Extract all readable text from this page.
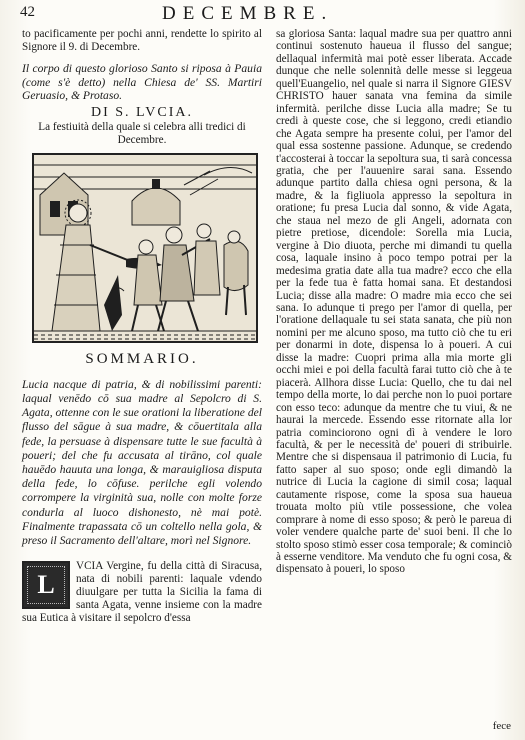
42	DECEMBRE.

to pacificamente per pochi anni, rendette lo spirito al Signore il 9. di Decembre.

Il corpo di questo glorioso Santo si riposa à Pauia (come s'è detto) nella Chiesa de' SS. Martiri Geruasio, & Protaso.

DI S. LVCIA.
La festiuità della quale si celebra alli tredici di Decembre.
SOMMARIO.

Lucia nacque di patria, & di nobilissimi parenti: laqual venēdo cō sua madre al Sepolcro di S. Agata, ottenne con le sue orationi la liberatione del flusso del sāgue à sua madre, & cōuertitala alla fede, la persuase à dispensare tutte le sue facultà à poueri; del che fu accusata al tirāno, col quale hauēdo hauuta una longa, & marauigliosa disputa della fede, lo cōfuse. perilche egli volendo corrompere la virginità sua, nolle con molte forze condurla al luoco dishonesto, nè mai potè. Finalmente trapassata cō un coltello nella gola, & preso il Sacramento dell'altare, morì nel Signore.

L

VCIA Vergine, fu della città di Siracusa, nata di nobili parenti: laquale vdendo diuulgare per tutta la Sicilia la fama di santa Agata, venne insieme con la madre sua Eutica à visitare il sepolcro d'essa

sa gloriosa Santa: laqual madre sua per quattro anni continui sostenuto haueua il flusso del sangue; dellaqual infermità mai potè esser liberata. Accade dunque che nelle solennità delle messe si leggeua quell'Euangelio, nel quale si narra il Signore GIESV CHRISTO hauer sanata vna femina da simile infermità. perilche disse Lucia alla madre; Se tu credi à queste cose, che si leggono, credi etiandio che Agata sempre ha presente colui, per l'amor del qual essa sostenne passione. Adunque, se credendo t'accosterai à toccar la sepoltura sua, ti sarà concessa gratia, che per l'auuenire sarai sana. Essendo adunque partito dalla chiesa ogni persona, & la madre, & la figliuola appresso la sepoltura in oratione; fu presa Lucia dal sonno, & vide Agata, che staua nel mezo de gli Angeli, adornata con pietre pretiose, dicendole: Sorella mia Lucia, vergine à Dio diuota, perche mi dimandi tu quella cosa, laquale insino à poco tempo potrai per la medesima gratia date alla tua madre? ecco che ella per la fede tua è fatta homai sana. Et destandosi Lucia; disse alla madre: O madre mia ecco che sei sana. Io adunque ti prego per l'amor di quella, per l'oratione dellaquale tu sei stata sanata, che più non nomini per me alcuno sposo, ma tutto ciò che tu eri per donarmi in dote, dispensa lo à poueri. A cui disse la madre: Cuopri prima alla mia morte gli occhi miei e poi della facultà farai tutto ciò che à te piacerà. Allhora disse Lucia: Quello, che tu dai nel tempo della morte, lo dai perche non lo puoi portare con esso teco: adunque da mentre che tu viui, & ne haurai la mercede. Essendo esse ritornate alla lor patria cominciorono ogni dì à vendere le loro facultà, & per le necessità de' poueri di stribuirle. Mentre che si dispensaua il patrimonio di Lucia, fu fatto saper al suo sposo; onde egli dimandò la nutrice di Lucia la cagione di simil cosa; laqual cautamente rispose, come la sposa sua haueua trouata molto più vtile possessione, che volea comprare à nome di esso sposo; & però le pareua di voler vendere qualche parte de' suoi beni. Il che lo stolto sposo stimò esser cosa temporale; & cominciò à esserne venditore. Ma venduto che fu ogni cosa, & dispensato à poueri, lo sposo

fece
